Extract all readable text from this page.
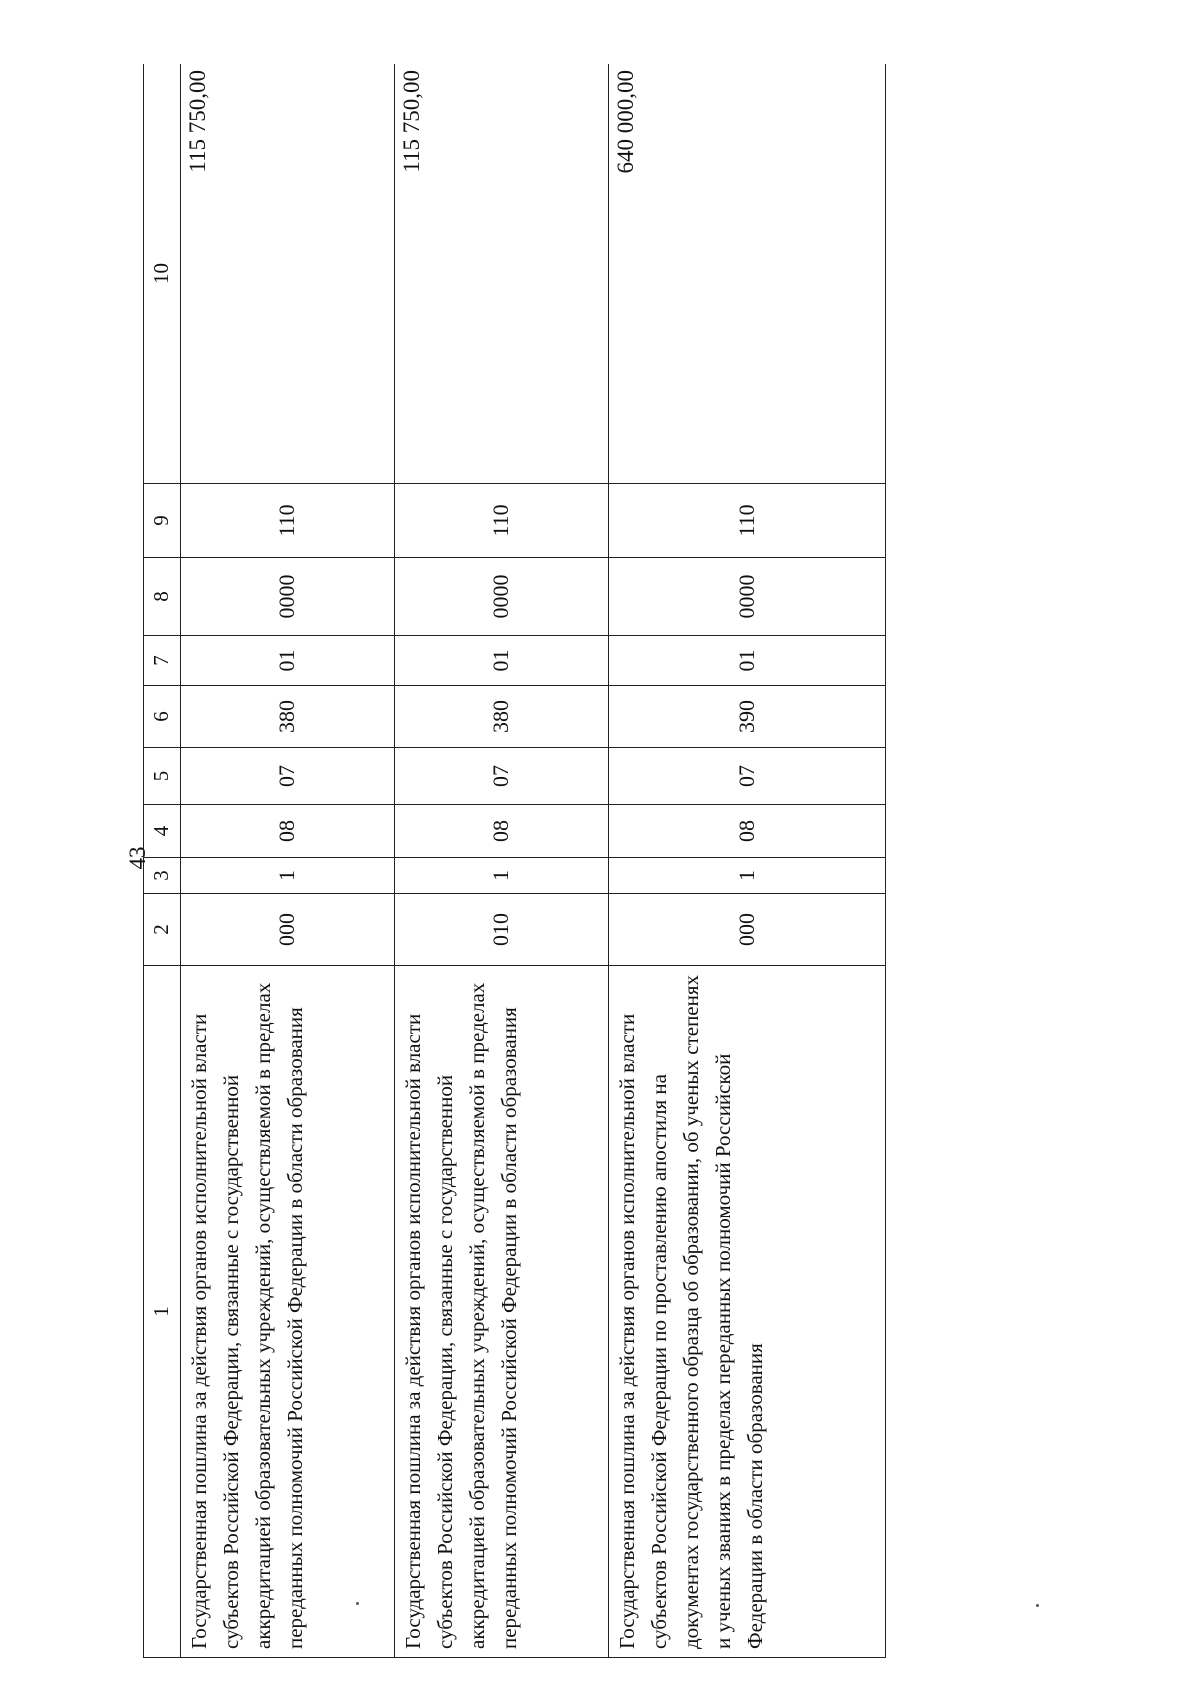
43
1	2	3	4	5	6	7	8	9	10
Государственная пошлина за действия органов исполнительной власти субъектов Российской Федерации, связанные с государственной аккредитацией образовательных учреждений, осуществляемой в пределах переданных полномочий Российской Федерации в области образования	000	1	08	07	380	01	0000	110	115 750,00
Государственная пошлина за действия органов исполнительной власти субъектов Российской Федерации, связанные с государственной аккредитацией образовательных учреждений, осуществляемой в пределах переданных полномочий Российской Федерации в области образования	010	1	08	07	380	01	0000	110	115 750,00
Государственная пошлина за действия органов исполнительной власти субъектов Российской Федерации по проставлению апостиля на документах государственного образца об образовании, об ученых степенях и ученых званиях в пределах переданных полномочий Российской Федерации в области образования	000	1	08	07	390	01	0000	110	640 000,00
